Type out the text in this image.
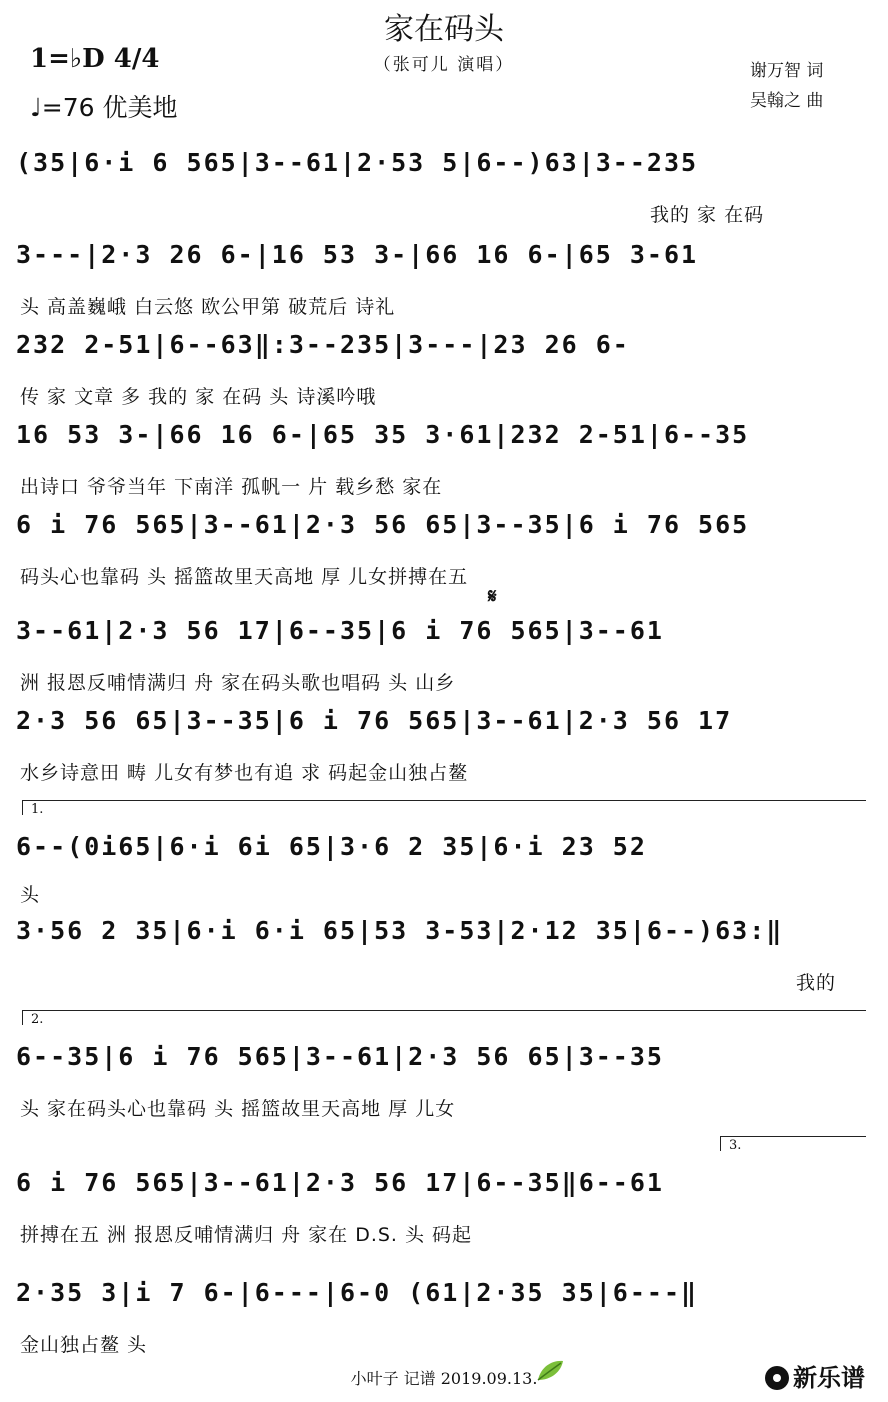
家在码头
（张可儿 演唱）
1=♭D 4/4
♩=76 优美地
谢万智 词
吴翰之 曲
(35|6·i 6 565|3--61|2·53 5|6--)63|3--235
我的 家 在码
3---|2·3 26 6-|16 53 3-|66 16 6-|65 3-61
头 高盖巍峨 白云悠 欧公甲第 破荒后 诗礼
232 2-51|6--63‖:3--235|3---|23 26 6-
传 家 文章 多 我的 家 在码 头 诗溪吟哦
16 53 3-|66 16 6-|65 35 3·61|232 2-51|6--35
出诗口 爷爷当年 下南洋 孤帆一 片 载乡愁 家在
6 i 76 565|3--61|2·3 56 65|3--35|6 i 76 565
码头心也靠码 头 摇篮故里天高地 厚 儿女拼搏在五
𝄋
3--61|2·3 56 17|6--35|6 i 76 565|3--61
洲 报恩反哺情满归 舟 家在码头歌也唱码 头 山乡
2·3 56 65|3--35|6 i 76 565|3--61|2·3 56 17
水乡诗意田 畴 儿女有梦也有追 求 码起金山独占鳌
1.
6--(0i65|6·i 6i 65|3·6 2 35|6·i 23 52
头
3·56 2 35|6·i 6·i 65|53 3-53|2·12 35|6--)63:‖
我的
2.
6--35|6 i 76 565|3--61|2·3 56 65|3--35
头 家在码头心也靠码 头 摇篮故里天高地 厚 儿女
3.
6 i 76 565|3--61|2·3 56 17|6--35‖6--61
拼搏在五 洲 报恩反哺情满归 舟 家在 D.S. 头 码起
2·35 3|i 7 6-|6---|6-0 (61|2·35 35|6---‖
金山独占鳌 头
小叶子 记谱 2019.09.13.	新乐谱
